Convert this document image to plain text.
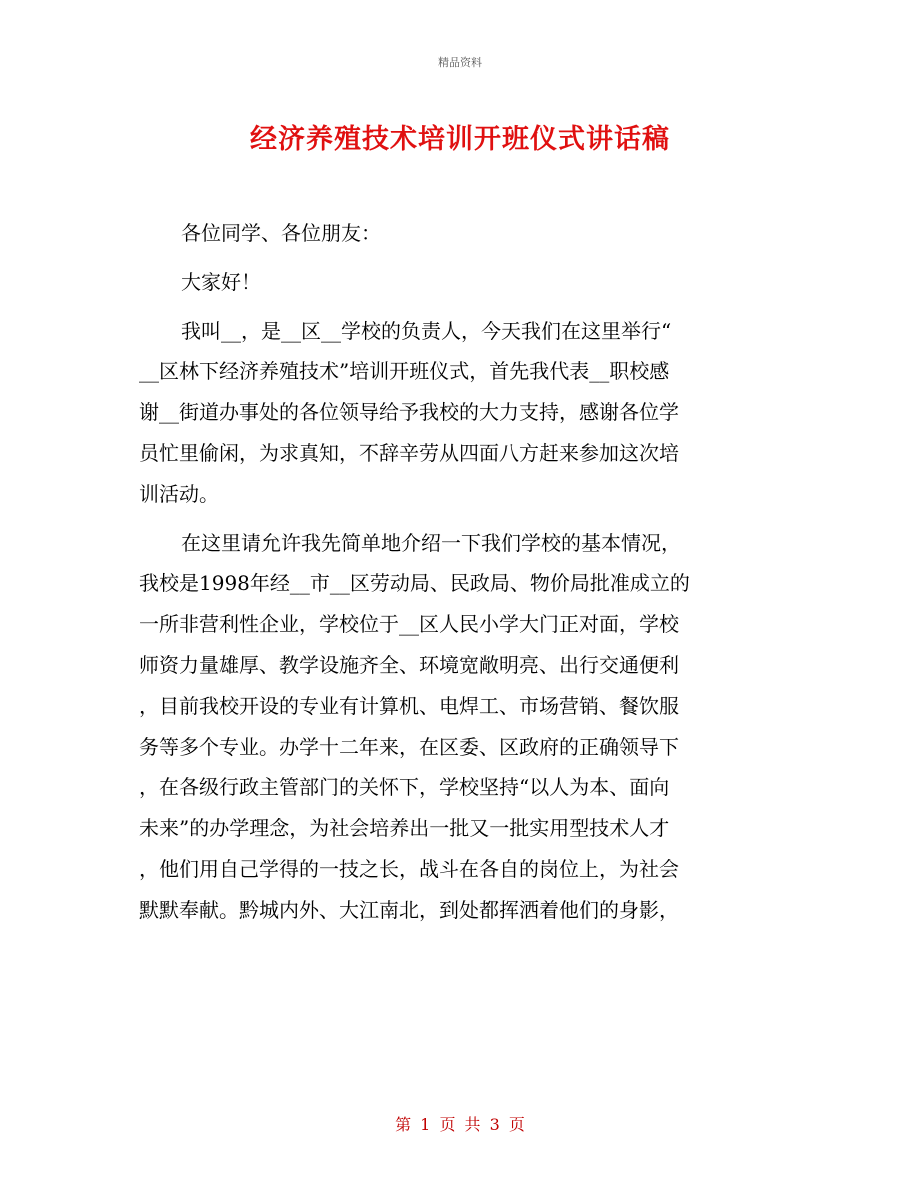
精品资料
经济养殖技术培训开班仪式讲话稿
各位同学、各位朋友：
大家好！
我叫__，是__区__学校的负责人，今天我们在这里举行“
__区林下经济养殖技术”培训开班仪式，首先我代表__职校感
谢__街道办事处的各位领导给予我校的大力支持，感谢各位学
员忙里偷闲，为求真知，不辞辛劳从四面八方赶来参加这次培
训活动。
在这里请允许我先简单地介绍一下我们学校的基本情况，
我校是1998年经__市__区劳动局、民政局、物价局批准成立的
一所非营利性企业，学校位于__区人民小学大门正对面，学校
师资力量雄厚、教学设施齐全、环境宽敞明亮、出行交通便利
，目前我校开设的专业有计算机、电焊工、市场营销、餐饮服
务等多个专业。办学十二年来，在区委、区政府的正确领导下
，在各级行政主管部门的关怀下，学校坚持“以人为本、面向
未来”的办学理念，为社会培养出一批又一批实用型技术人才
，他们用自己学得的一技之长，战斗在各自的岗位上，为社会
默默奉献。黔城内外、大江南北，到处都挥洒着他们的身影，
第 1 页 共 3 页
